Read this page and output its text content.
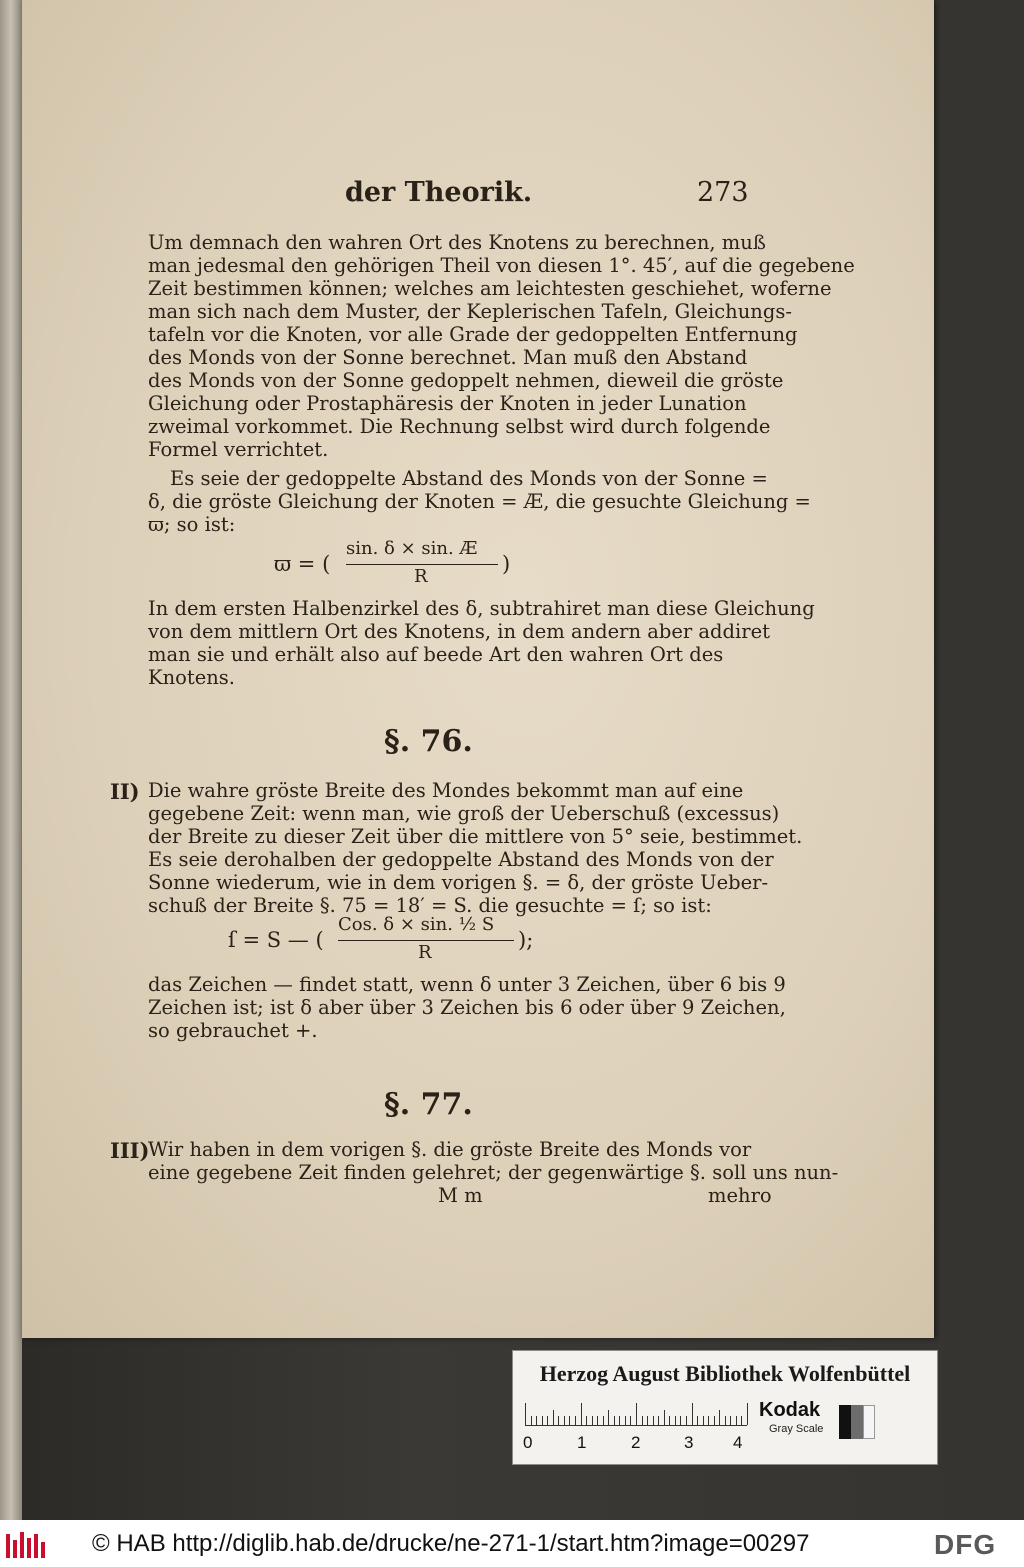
der Theorik.	273
Um demnach den wahren Ort des Knotens zu berechnen, muß
man jedesmal den gehörigen Theil von diesen 1°. 45′, auf die gegebene
Zeit bestimmen können; welches am leichtesten geschiehet, woferne
man sich nach dem Muster, der Keplerischen Tafeln, Gleichungs-
tafeln vor die Knoten, vor alle Grade der gedoppelten Entfernung
des Monds von der Sonne berechnet. Man muß den Abstand
des Monds von der Sonne gedoppelt nehmen, dieweil die gröste
Gleichung oder Prostaphäresis der Knoten in jeder Lunation
zweimal vorkommet. Die Rechnung selbst wird durch folgende
Formel verrichtet.
Es seie der gedoppelte Abstand des Monds von der Sonne =
δ, die gröste Gleichung der Knoten = Æ, die gesuchte Gleichung =
ϖ; so ist:
ϖ = (
sin. δ ⨯ sin. Æ
R
)
In dem ersten Halbenzirkel des δ, subtrahiret man diese Gleichung
von dem mittlern Ort des Knotens, in dem andern aber addiret
man sie und erhält also auf beede Art den wahren Ort des
Knotens.
§. 76.
II) Die wahre gröste Breite des Mondes bekommt man auf eine
gegebene Zeit: wenn man, wie groß der Ueberschuß (excessus)
der Breite zu dieser Zeit über die mittlere von 5° seie, bestimmet.
Es seie derohalben der gedoppelte Abstand des Monds von der
Sonne wiederum, wie in dem vorigen §. = δ, der gröste Ueber-
schuß der Breite §. 75 = 18′ = S. die gesuchte = ſ; so ist:
ſ = S — (
Cos. δ ⨯ sin. ½ S
R
);
das Zeichen — findet statt, wenn δ unter 3 Zeichen, über 6 bis 9
Zeichen ist; ist δ aber über 3 Zeichen bis 6 oder über 9 Zeichen,
so gebrauchet +.
§. 77.
III)
Wir haben in dem vorigen §. die gröste Breite des Monds vor
eine gegebene Zeit finden gelehret; der gegenwärtige §. soll uns nun-
M m	mehro
Herzog August Bibliothek Wolfenbüttel
0	1	2	3 4
Kodak
Gray Scale
© HAB http://diglib.hab.de/drucke/ne-271-1/start.htm?image=00297	DFG
